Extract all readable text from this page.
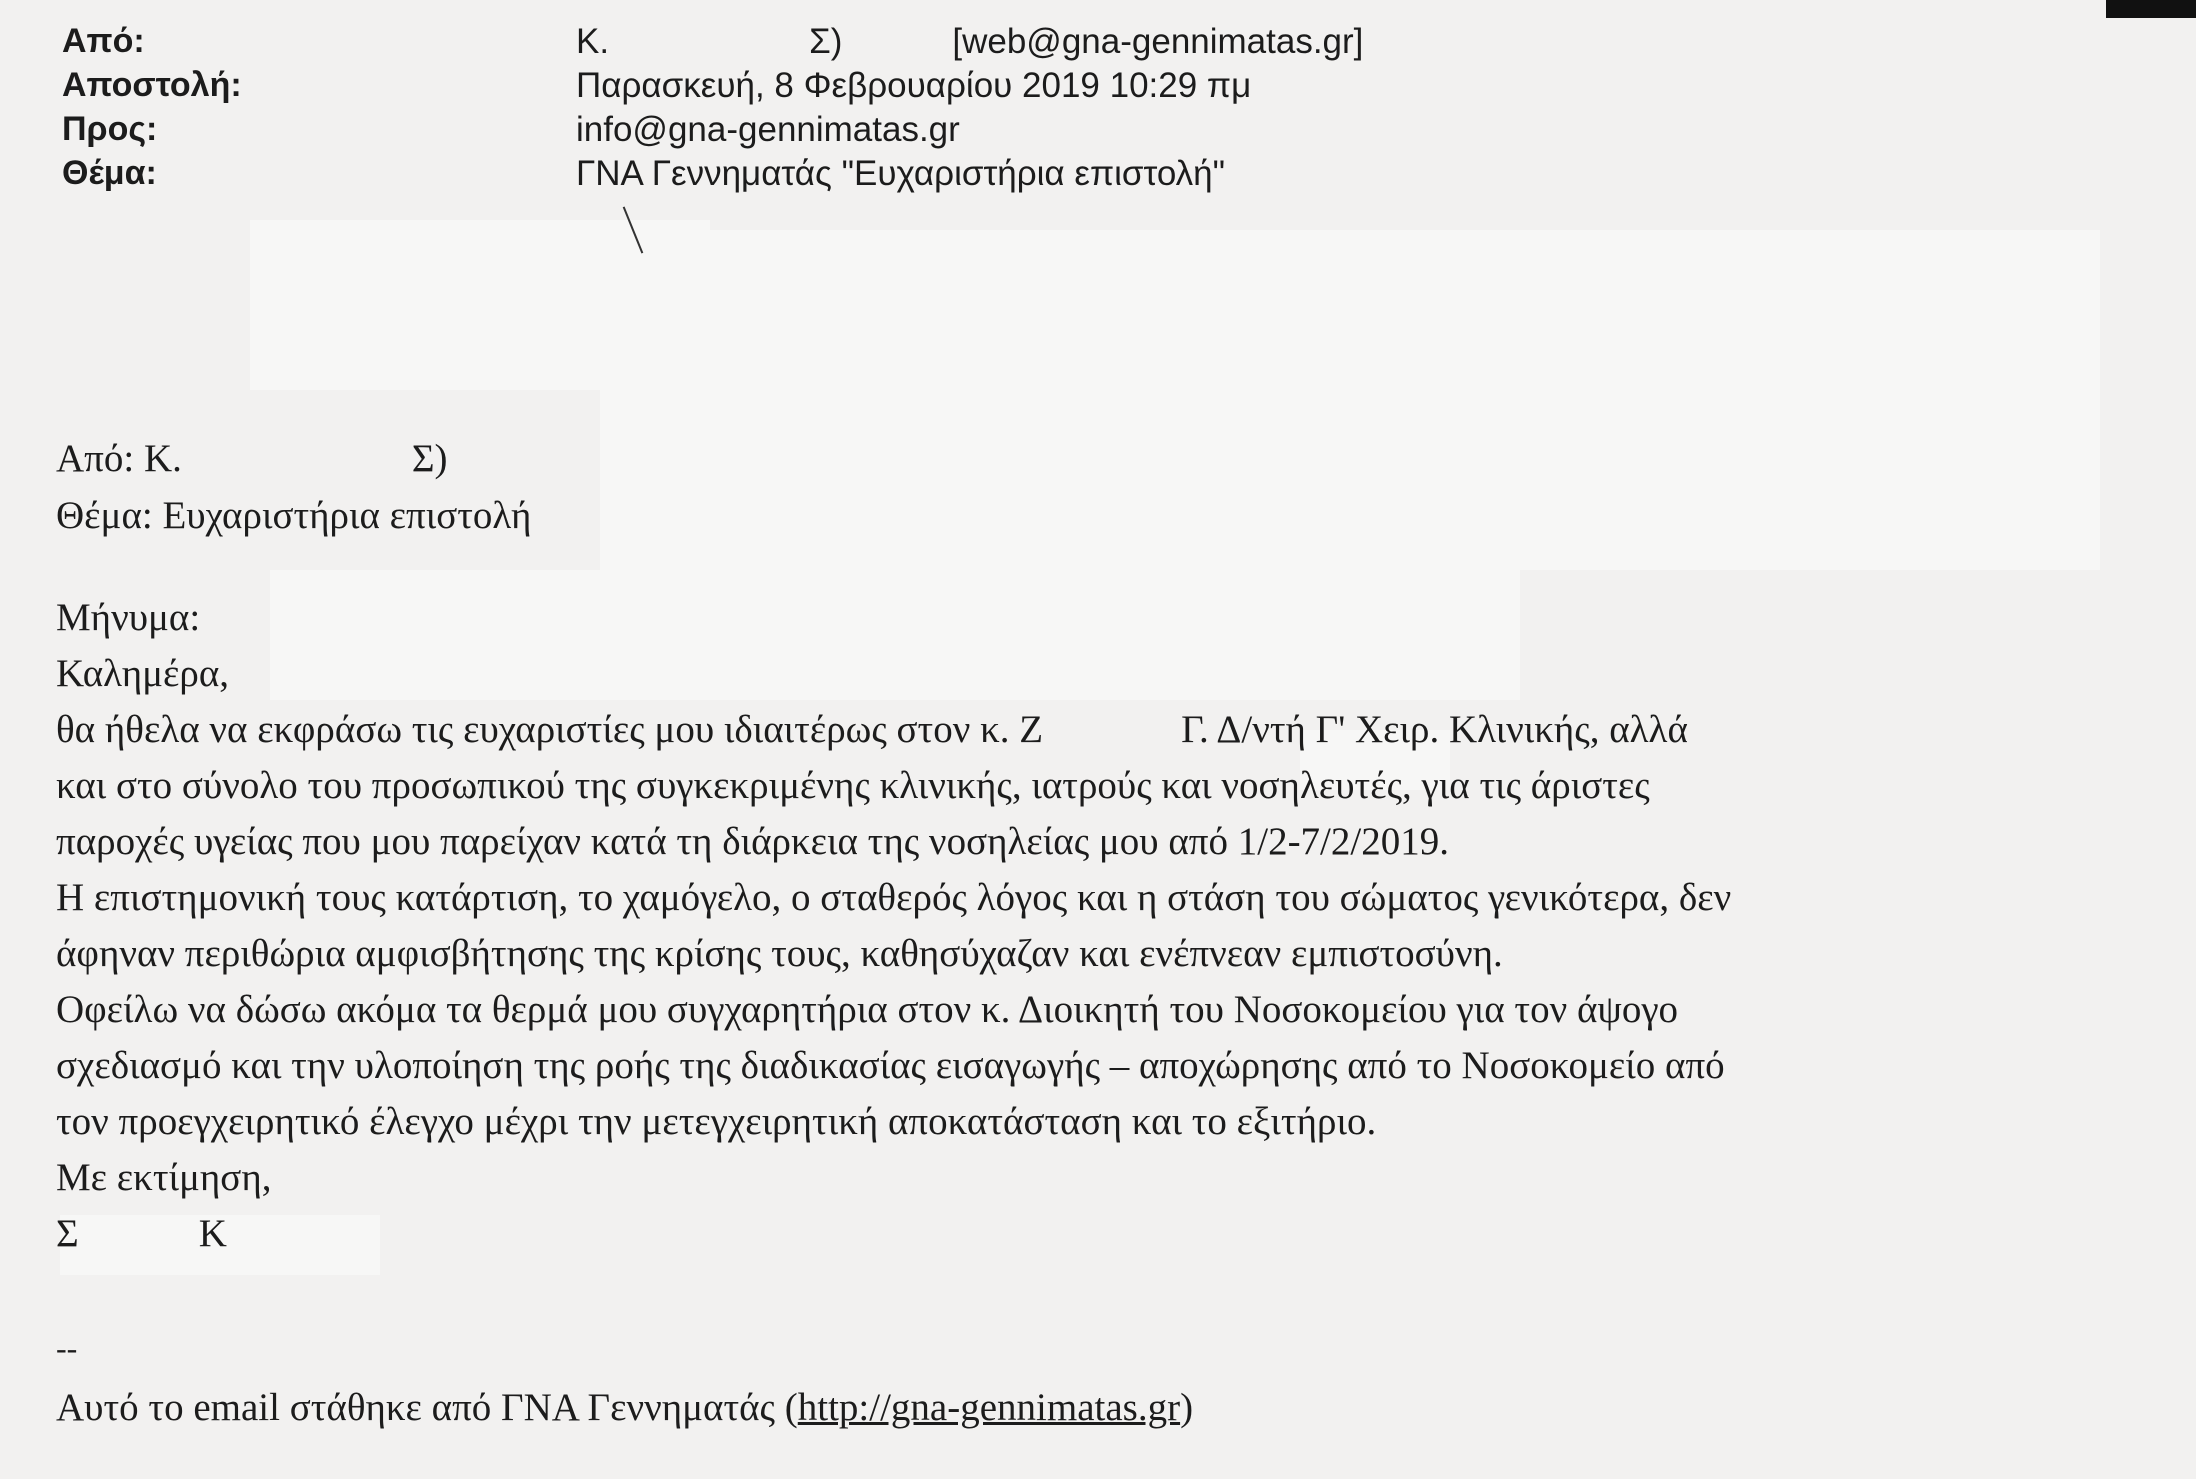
Από:	Κ.	Σ)	[web@gna-gennimatas.gr]
Αποστολή:	Παρασκευή, 8 Φεβρουαρίου 2019 10:29 πμ
Προς:	info@gna-gennimatas.gr
Θέμα:	ΓΝΑ Γεννηματάς "Ευχαριστήρια επιστολή"
Από: Κ.	Σ)
Θέμα: Ευχαριστήρια επιστολή
Μήνυμα:
Καλημέρα,
θα ήθελα να εκφράσω τις ευχαριστίες μου ιδιαιτέρως στον κ. Ζ	Γ. Δ/ντή Γ' Χειρ. Κλινικής, αλλά
και στο σύνολο του προσωπικού της συγκεκριμένης κλινικής, ιατρούς και νοσηλευτές, για τις άριστες
παροχές υγείας που μου παρείχαν κατά τη διάρκεια της νοσηλείας μου από 1/2-7/2/2019.
Η επιστημονική τους κατάρτιση, το χαμόγελο, ο σταθερός λόγος και η στάση του σώματος γενικότερα, δεν
άφηναν περιθώρια αμφισβήτησης της κρίσης τους, καθησύχαζαν και ενέπνεαν εμπιστοσύνη.
Οφείλω να δώσω ακόμα τα θερμά μου συγχαρητήρια στον κ. Διοικητή του Νοσοκομείου για τον άψογο
σχεδιασμό και την υλοποίηση της ροής της διαδικασίας εισαγωγής – αποχώρησης από το Νοσοκομείο από
τον προεγχειρητικό έλεγχο μέχρι την μετεγχειρητική αποκατάσταση και το εξιτήριο.
Με εκτίμηση,
Σ	Κ
--
Αυτό το email στάθηκε από ΓΝΑ Γεννηματάς (http://gna-gennimatas.gr)
